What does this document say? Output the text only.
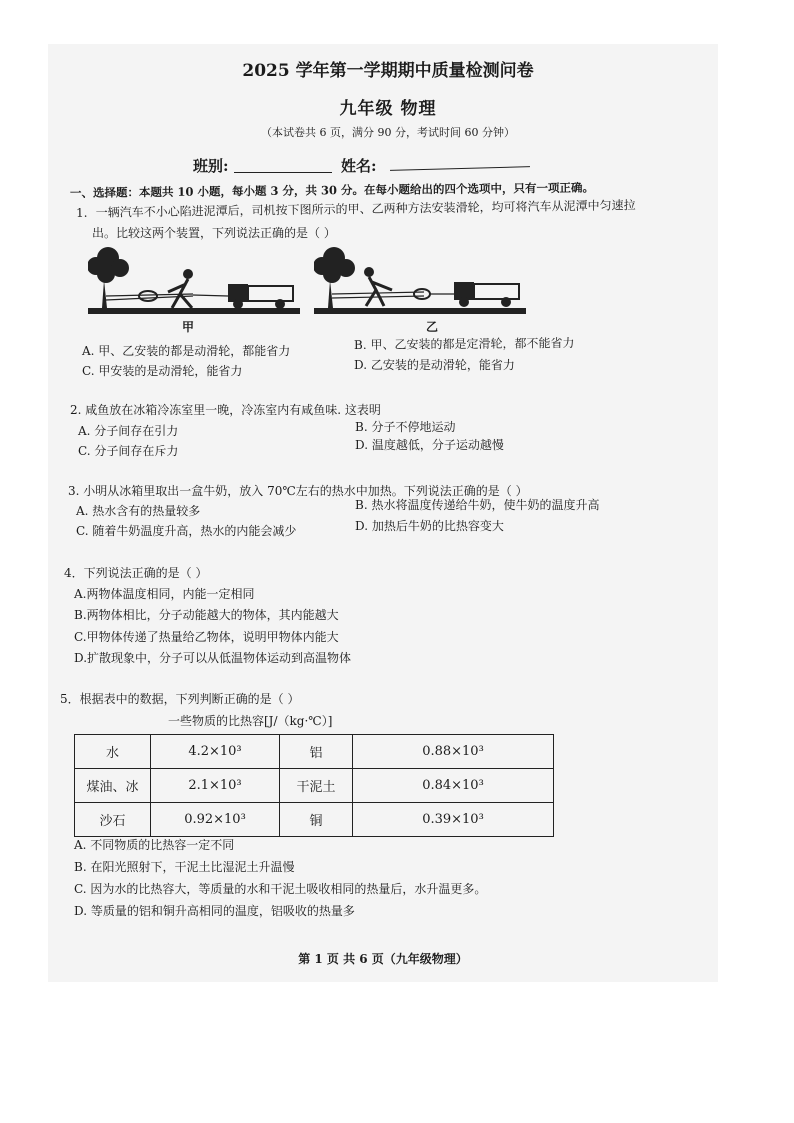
2025 学年第一学期期中质量检测问卷
九年级 物理
（本试卷共 6 页，满分 90 分，考试时间 60 分钟）
班别:	姓名:
一、选择题：本题共 10 小题，每小题 3 分，共 30 分。在每小题给出的四个选项中，只有一项正确。
1．一辆汽车不小心陷进泥潭后，司机按下图所示的甲、乙两种方法安装滑轮，均可将汽车从泥潭中匀速拉
出。比较这两个装置，下列说法正确的是（ ）
甲	乙
A. 甲、乙安装的都是动滑轮，都能省力	B. 甲、乙安装的都是定滑轮，都不能省力
C. 甲安装的是动滑轮，能省力	D. 乙安装的是动滑轮，能省力
2. 咸鱼放在冰箱冷冻室里一晚，冷冻室内有咸鱼味. 这表明
A. 分子间存在引力	B. 分子不停地运动
C. 分子间存在斥力	D. 温度越低，分子运动越慢
3. 小明从冰箱里取出一盒牛奶，放入 70℃左右的热水中加热。下列说法正确的是（ ）
A. 热水含有的热量较多	B. 热水将温度传递给牛奶，使牛奶的温度升高
C. 随着牛奶温度升高，热水的内能会减少	D. 加热后牛奶的比热容变大
4．下列说法正确的是（ ）
A.两物体温度相同，内能一定相同
B.两物体相比，分子动能越大的物体，其内能越大
C.甲物体传递了热量给乙物体，说明甲物体内能大
D.扩散现象中，分子可以从低温物体运动到高温物体
5．根据表中的数据，下列判断正确的是（ ）
一些物质的比热容[J/（kg·℃）]
水	4.2×10³	铝	0.88×10³
煤油、冰	2.1×10³	干泥土	0.84×10³
沙石	0.92×10³	铜	0.39×10³
A. 不同物质的比热容一定不同
B. 在阳光照射下，干泥土比湿泥土升温慢
C. 因为水的比热容大，等质量的水和干泥土吸收相同的热量后，水升温更多。
D. 等质量的铝和铜升高相同的温度，铝吸收的热量多
第 1 页 共 6 页（九年级物理）
